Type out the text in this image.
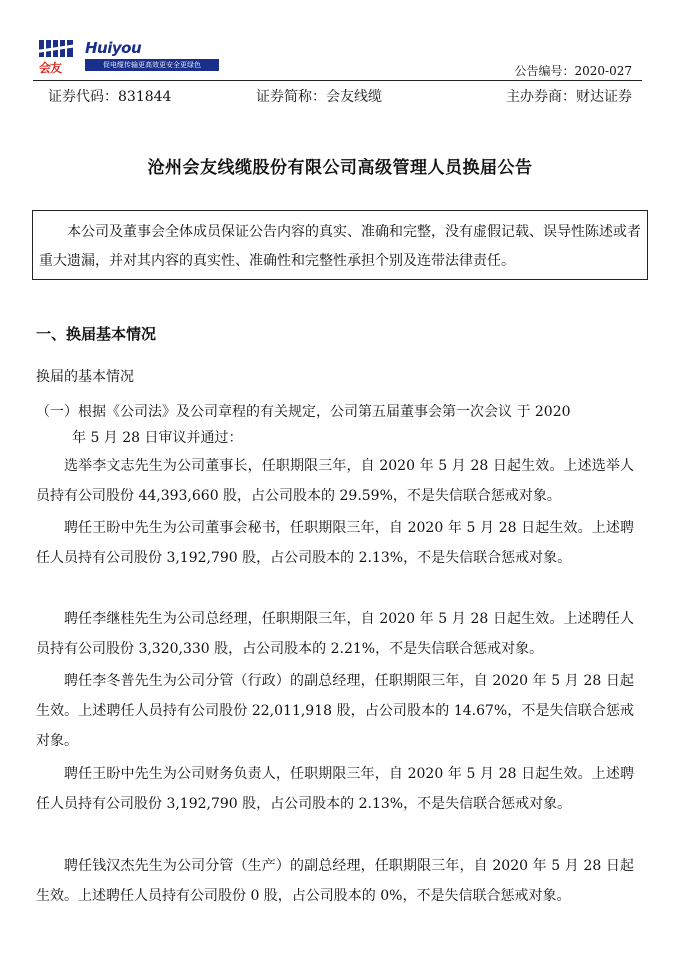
会友
Huiyou
促电缆传输更高效更安全更绿色	公告编号：2020-027
证券代码：831844	证券简称：会友线缆	主办券商：财达证券
沧州会友线缆股份有限公司高级管理人员换届公告
本公司及董事会全体成员保证公告内容的真实、准确和完整，没有虚假记载、误导性陈述或者重大遗漏，并对其内容的真实性、准确性和完整性承担个别及连带法律责任。
一、换届基本情况
换届的基本情况
（一）根据《公司法》及公司章程的有关规定，公司第五届董事会第一次会议 于 2020
年 5 月 28 日审议并通过：

选举李文志先生为公司董事长，任职期限三年，自 2020 年 5 月 28 日起生效。上述选举人员持有公司股份 44,393,660 股，占公司股本的 29.59%，不是失信联合惩戒对象。

聘任王盼中先生为公司董事会秘书，任职期限三年，自 2020 年 5 月 28 日起生效。上述聘任人员持有公司股份 3,192,790 股，占公司股本的 2.13%，不是失信联合惩戒对象。

聘任李继桂先生为公司总经理，任职期限三年，自 2020 年 5 月 28 日起生效。上述聘任人员持有公司股份 3,320,330 股，占公司股本的 2.21%，不是失信联合惩戒对象。

聘任李冬普先生为公司分管（行政）的副总经理，任职期限三年，自 2020 年 5 月 28 日起生效。上述聘任人员持有公司股份 22,011,918 股，占公司股本的 14.67%，不是失信联合惩戒对象。

聘任王盼中先生为公司财务负责人，任职期限三年，自 2020 年 5 月 28 日起生效。上述聘任人员持有公司股份 3,192,790 股，占公司股本的 2.13%，不是失信联合惩戒对象。

聘任钱汉杰先生为公司分管（生产）的副总经理，任职期限三年，自 2020 年 5 月 28 日起生效。上述聘任人员持有公司股份 0 股，占公司股本的 0%，不是失信联合惩戒对象。
